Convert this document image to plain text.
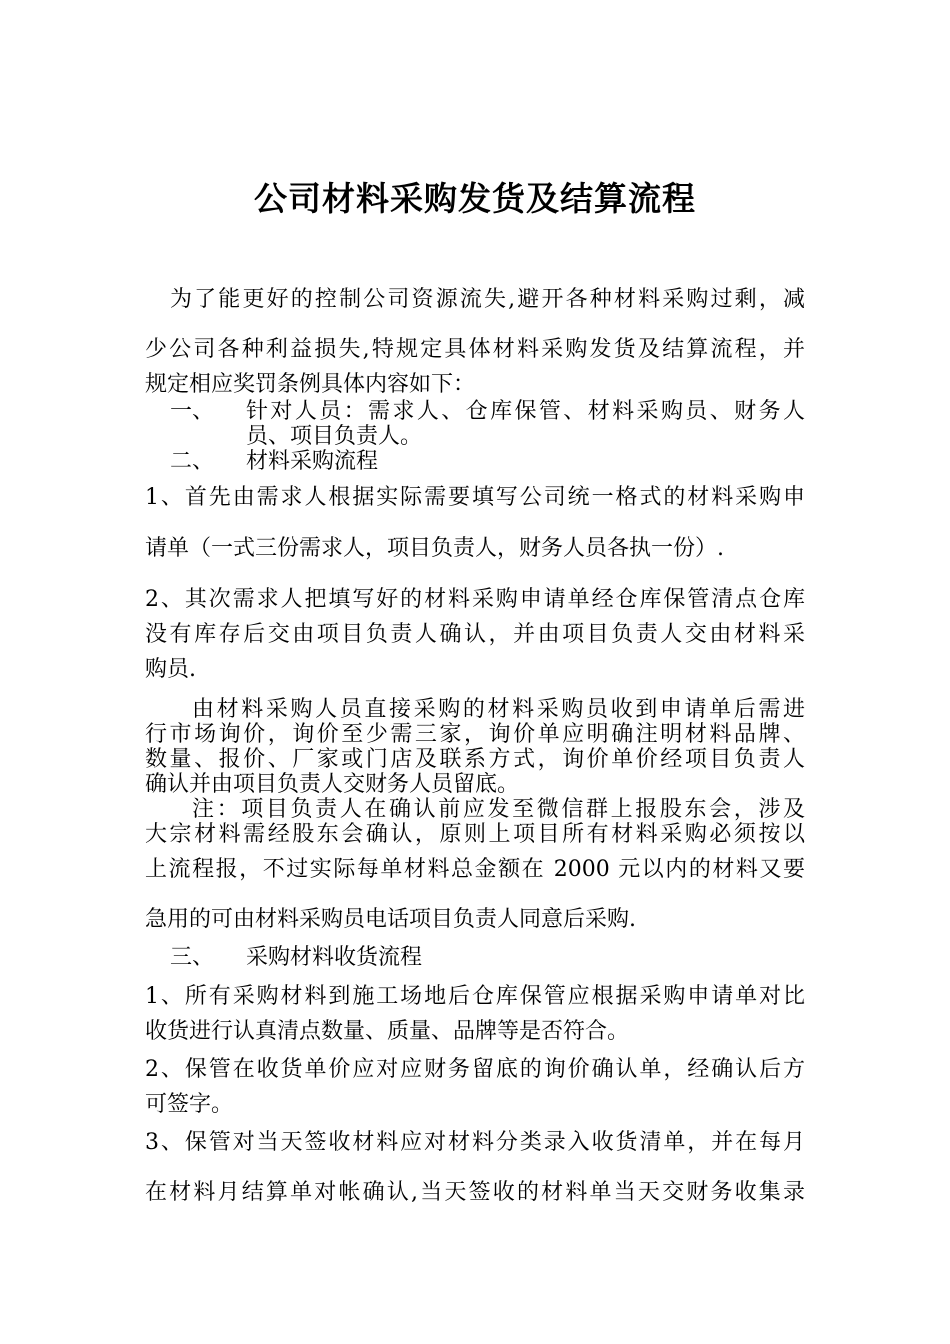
公司材料采购发货及结算流程
为了能更好的控制公司资源流失,避开各种材料采购过剩，减
少公司各种利益损失,特规定具体材料采购发货及结算流程，并
规定相应奖罚条例具体内容如下：
一、 针对人员：需求人、仓库保管、材料采购员、财务人
员、项目负责人。
二、 材料采购流程
1、首先由需求人根据实际需要填写公司统一格式的材料采购申
请单（一式三份需求人，项目负责人，财务人员各执一份）.
2、其次需求人把填写好的材料采购申请单经仓库保管清点仓库
没有库存后交由项目负责人确认，并由项目负责人交由材料采
购员.
由材料采购人员直接采购的材料采购员收到申请单后需进
行市场询价，询价至少需三家，询价单应明确注明材料品牌、
数量、报价、厂家或门店及联系方式，询价单价经项目负责人
确认并由项目负责人交财务人员留底。
注：项目负责人在确认前应发至微信群上报股东会，涉及
大宗材料需经股东会确认，原则上项目所有材料采购必须按以
上流程报，不过实际每单材料总金额在 2000 元以内的材料又要
急用的可由材料采购员电话项目负责人同意后采购.
三、 采购材料收货流程
1、所有采购材料到施工场地后仓库保管应根据采购申请单对比
收货进行认真清点数量、质量、品牌等是否符合。
2、保管在收货单价应对应财务留底的询价确认单，经确认后方
可签字。
3、保管对当天签收材料应对材料分类录入收货清单，并在每月
在材料月结算单对帐确认,当天签收的材料单当天交财务收集录
